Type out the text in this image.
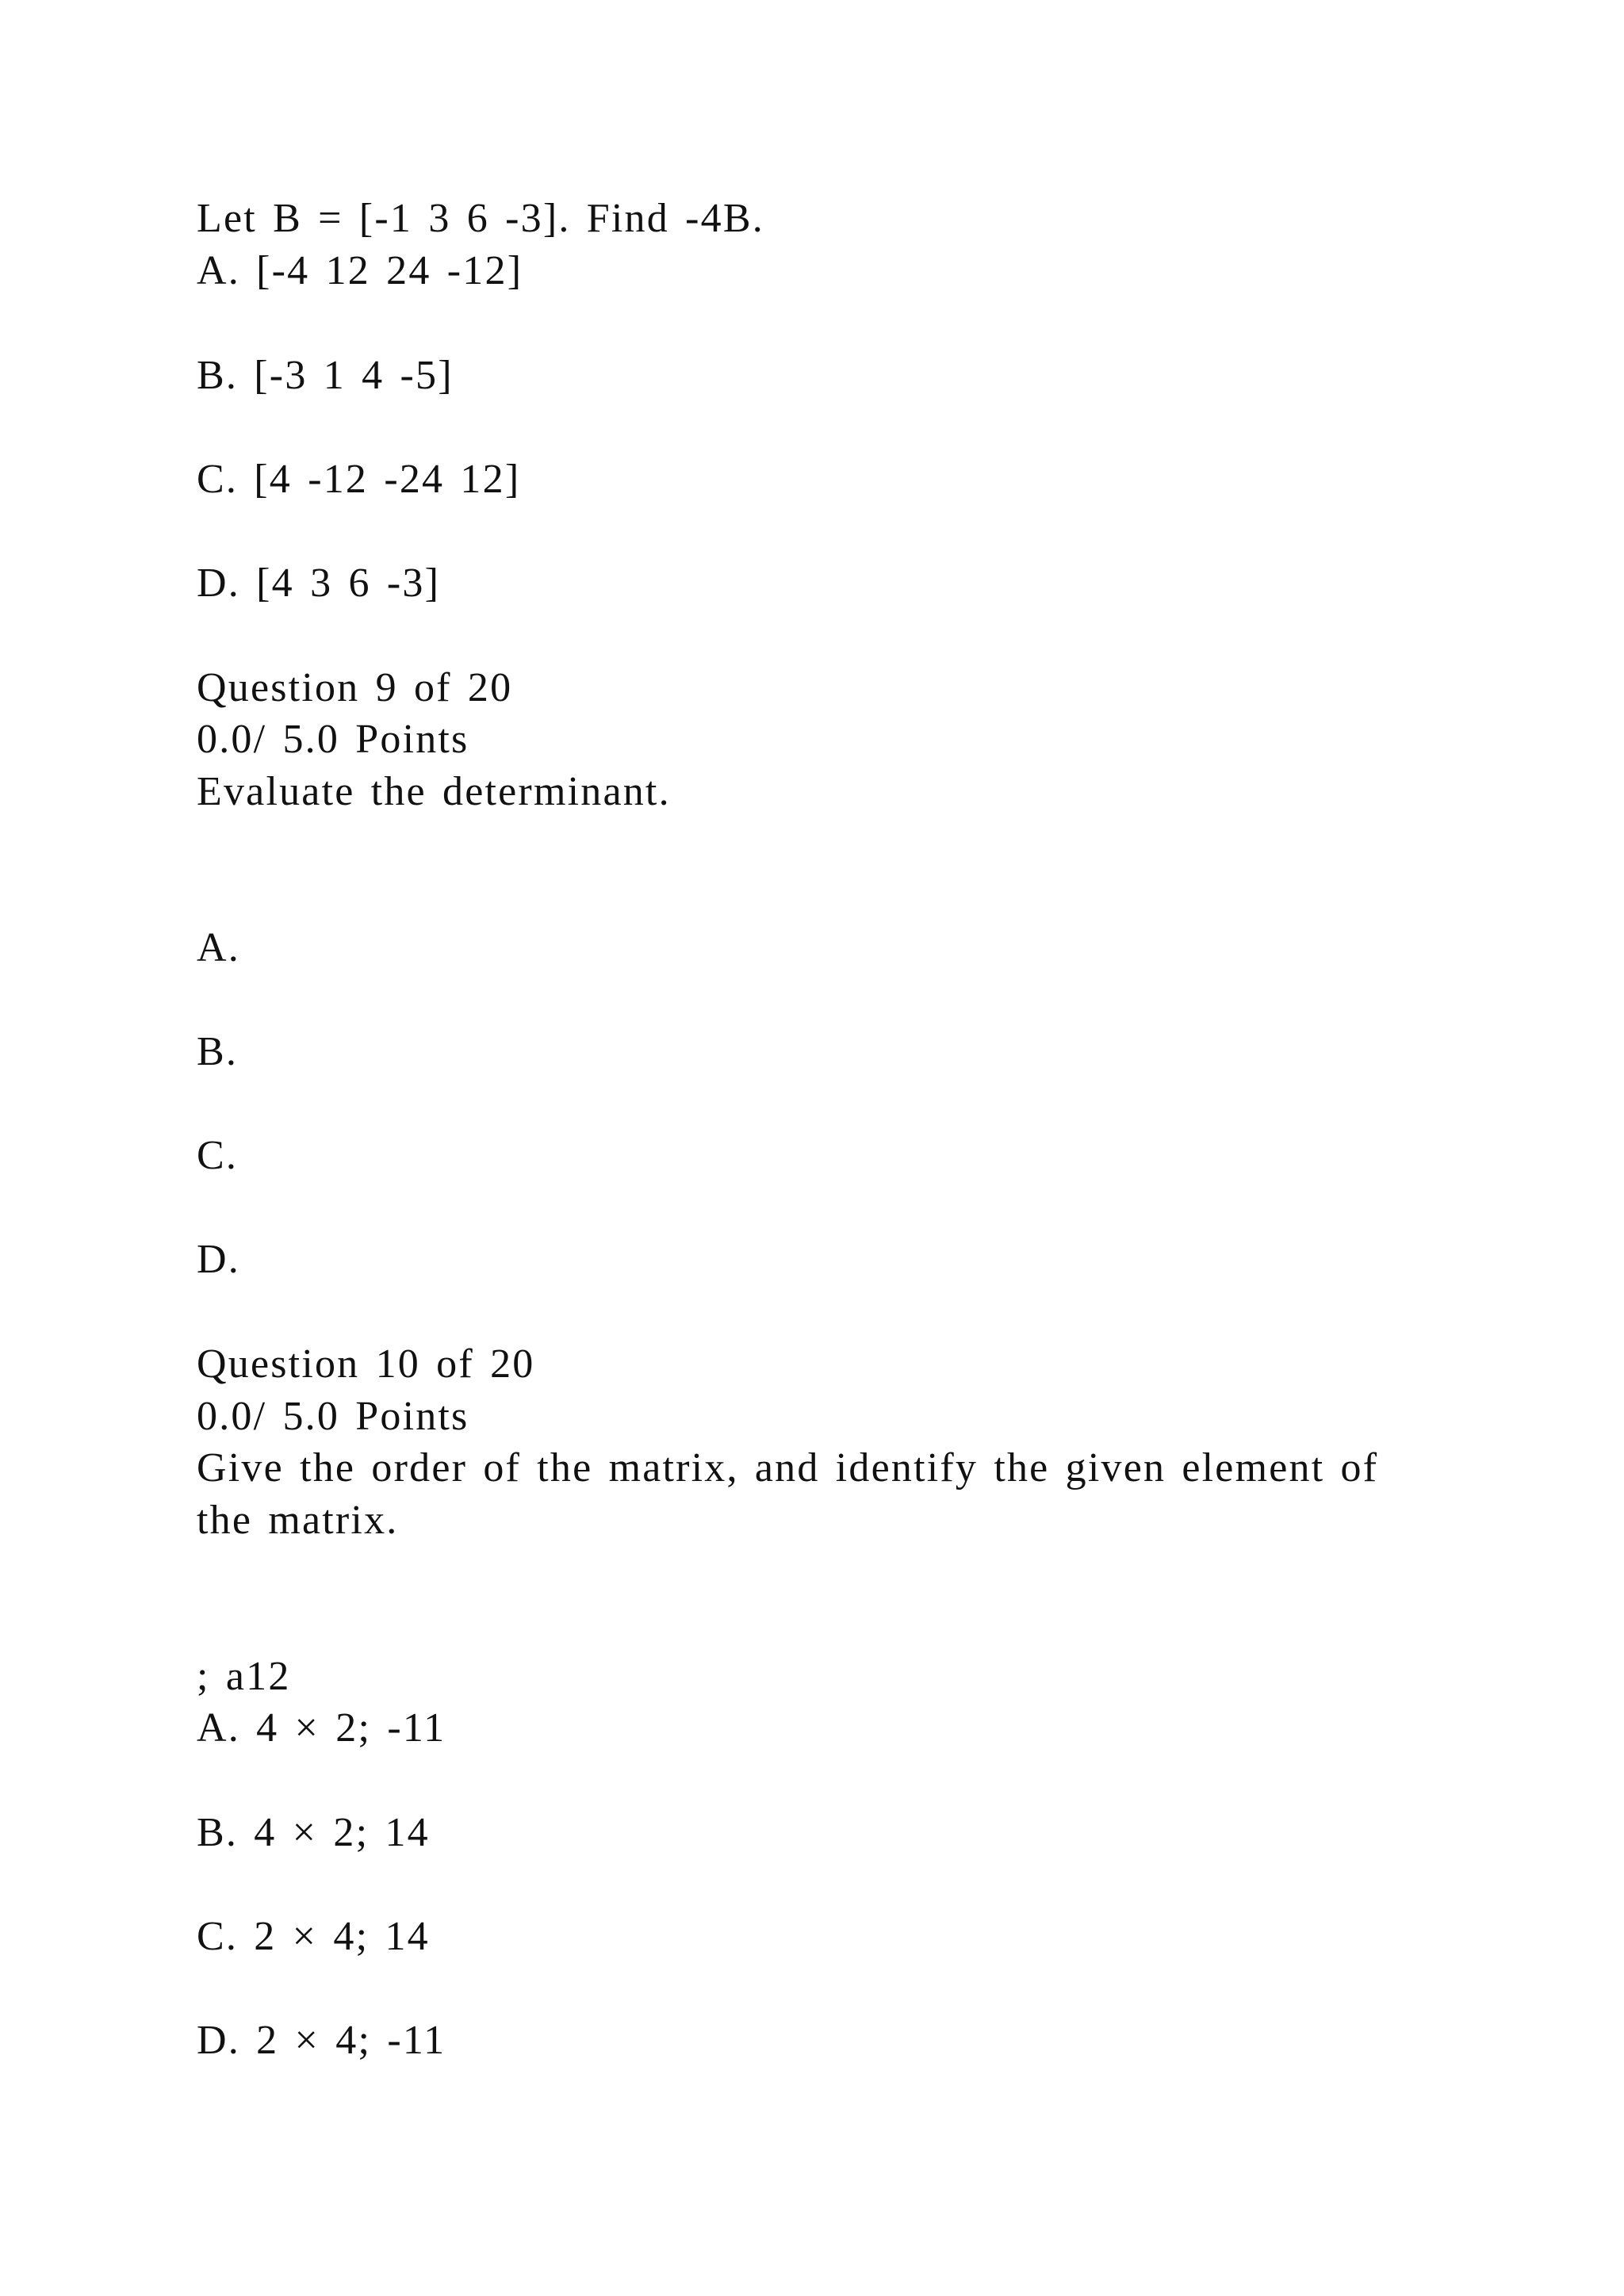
Let B = [-1 3 6 -3]. Find -4B.
A. [-4 12 24 -12]
B. [-3 1 4 -5]
C. [4 -12 -24 12]
D. [4 3 6 -3]
Question 9 of 20
0.0/ 5.0 Points
Evaluate the determinant.
A.
B.
C.
D.
Question 10 of 20
0.0/ 5.0 Points
Give the order of the matrix, and identify the given element of
the matrix.
; a12
A. 4 × 2; -11
B. 4 × 2; 14
C. 2 × 4; 14
D. 2 × 4; -11
